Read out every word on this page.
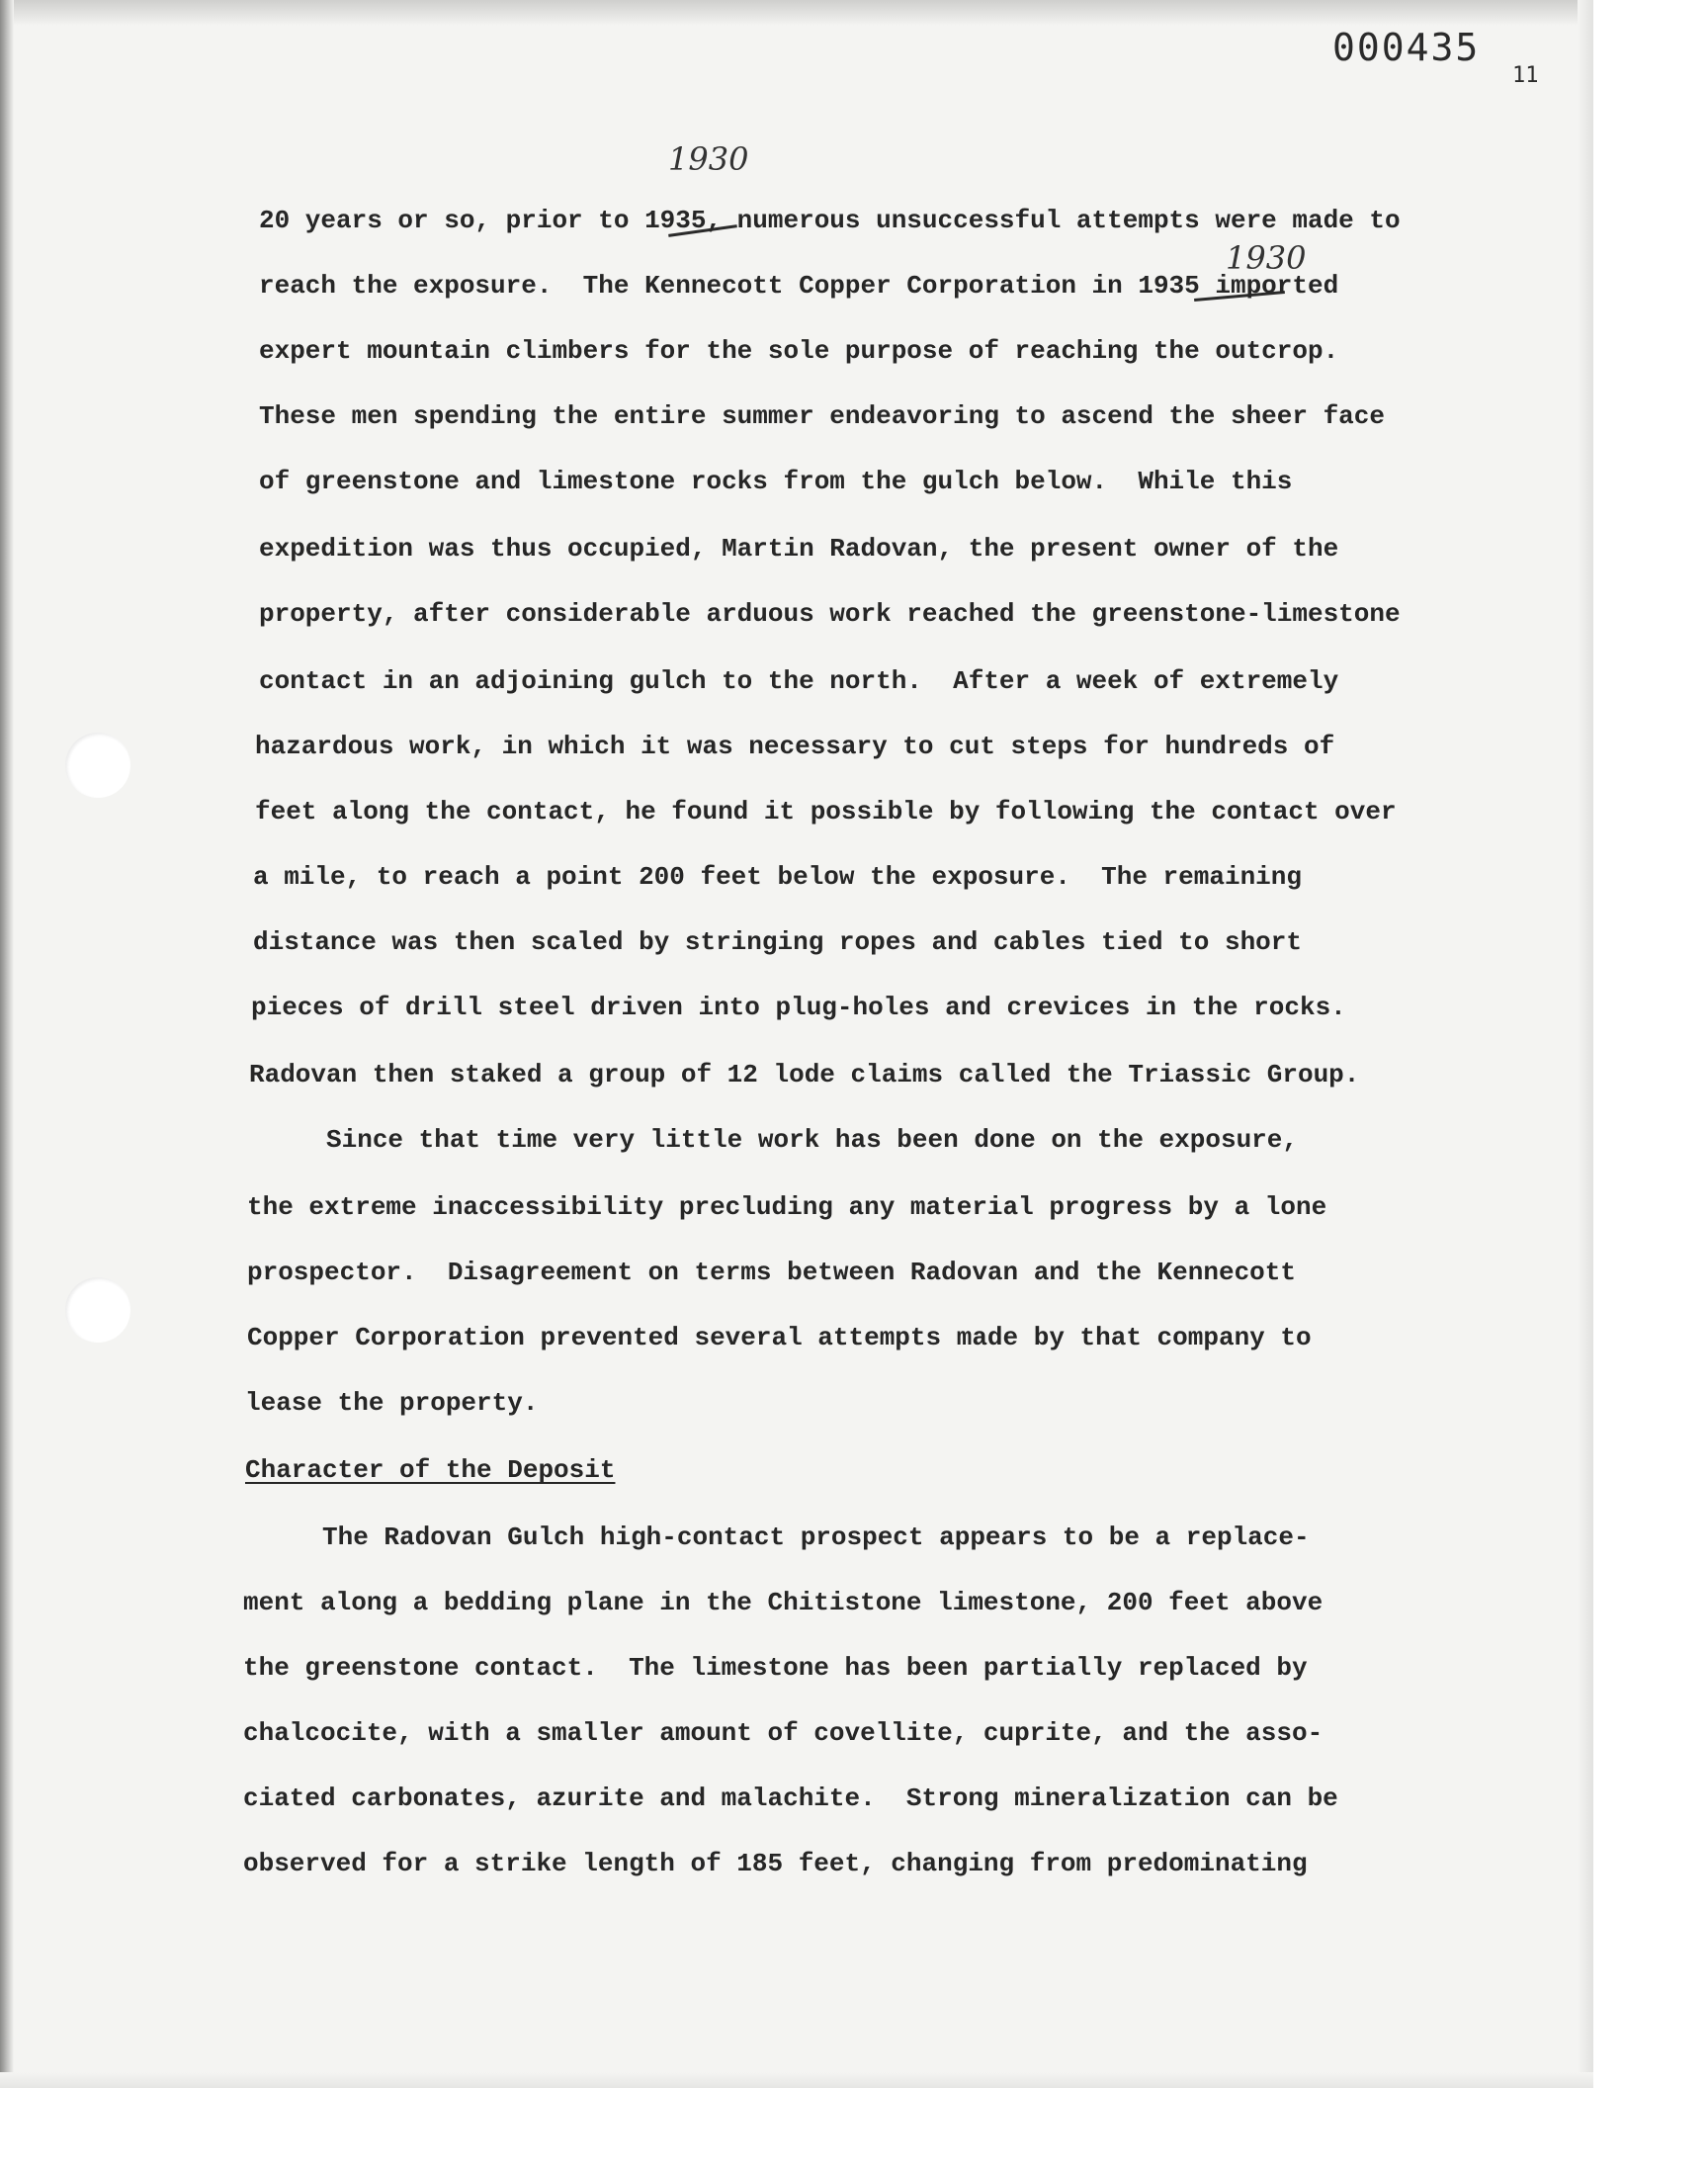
000435
11
1930
1930
20 years or so, prior to 1935, numerous unsuccessful attempts were made to
reach the exposure.  The Kennecott Copper Corporation in 1935 imported
expert mountain climbers for the sole purpose of reaching the outcrop.
These men spending the entire summer endeavoring to ascend the sheer face
of greenstone and limestone rocks from the gulch below.  While this
expedition was thus occupied, Martin Radovan, the present owner of the
property, after considerable arduous work reached the greenstone-limestone
contact in an adjoining gulch to the north.  After a week of extremely
hazardous work, in which it was necessary to cut steps for hundreds of
feet along the contact, he found it possible by following the contact over
a mile, to reach a point 200 feet below the exposure.  The remaining
distance was then scaled by stringing ropes and cables tied to short
pieces of drill steel driven into plug-holes and crevices in the rocks.
Radovan then staked a group of 12 lode claims called the Triassic Group.
Since that time very little work has been done on the exposure,
the extreme inaccessibility precluding any material progress by a lone
prospector.  Disagreement on terms between Radovan and the Kennecott
Copper Corporation prevented several attempts made by that company to
lease the property.
Character of the Deposit
The Radovan Gulch high-contact prospect appears to be a replace-
ment along a bedding plane in the Chitistone limestone, 200 feet above
the greenstone contact.  The limestone has been partially replaced by
chalcocite, with a smaller amount of covellite, cuprite, and the asso-
ciated carbonates, azurite and malachite.  Strong mineralization can be
observed for a strike length of 185 feet, changing from predominating
